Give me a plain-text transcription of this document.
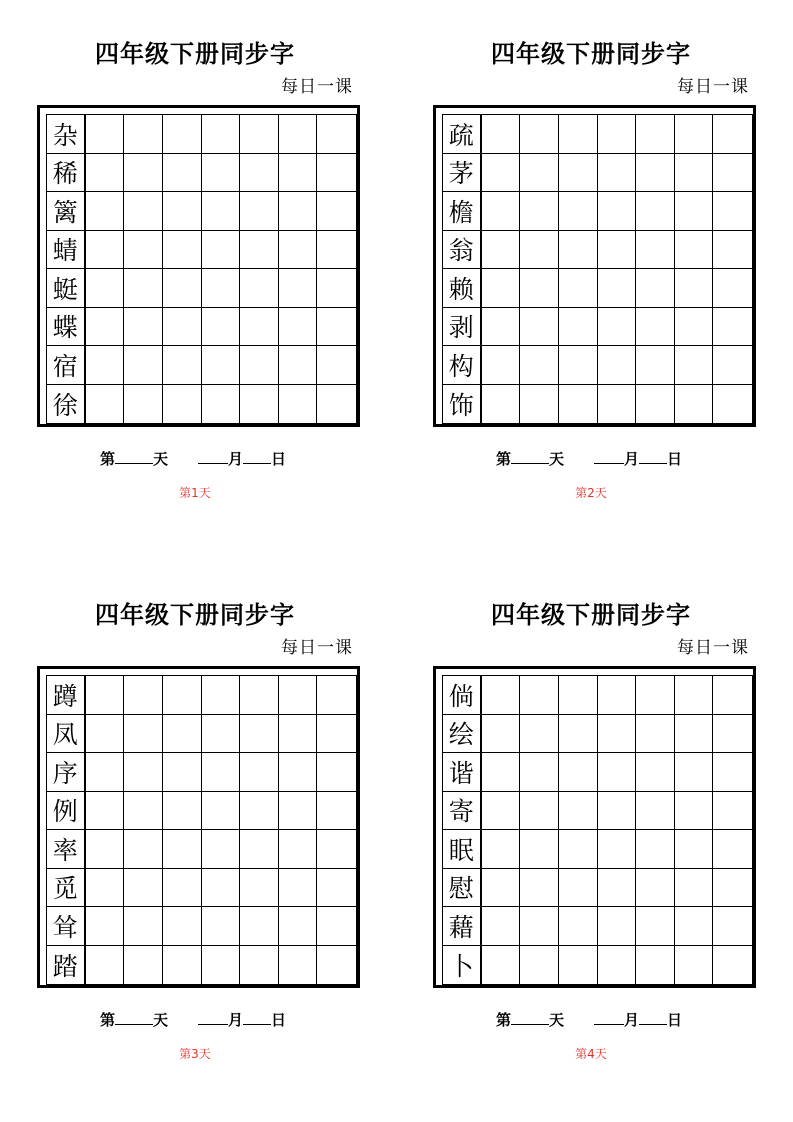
四年级下册同步字
每日一课
杂
稀
篱
蜻
蜓
蝶
宿
徐
第	天	月 日
第1天
四年级下册同步字
每日一课
疏
茅
檐
翁
赖
剥
构
饰
第	天	月 日
第2天
四年级下册同步字
每日一课
蹲
凤
序
例
率
觅
耸
踏
第	天	月 日
第3天
四年级下册同步字
每日一课
倘
绘
谐
寄
眠
慰
藉
卜
第	天	月 日
第4天
